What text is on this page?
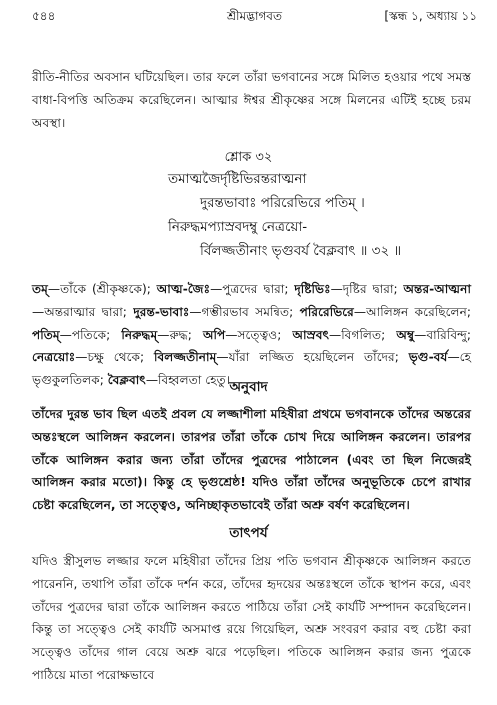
৫৪৪	শ্রীমদ্ভাগবত	[স্কন্ধ ১, অধ্যায় ১১

রীতি-নীতির অবসান ঘটিয়েছিল। তার ফলে তাঁরা ভগবানের সঙ্গে মিলিত হওয়ার পথে সমস্ত বাধা-বিপত্তি অতিক্রম করেছিলেন। আত্মার ঈশ্বর শ্রীকৃষ্ণের সঙ্গে মিলনের এটিই হচ্ছে চরম অবস্থা।

শ্লোক ৩২
তমাত্মজৈর্দৃষ্টিভিরন্তরাত্মনা
দুরন্তভাবাঃ পরিরেভিরে পতিম্ ।
নিরুদ্ধমপ্যাস্রবদম্বু নেত্রয়ো-
র্বিলজ্জতীনাং ভৃগুবর্য বৈক্লবাৎ ॥ ৩২ ॥

তম্—তাঁকে (শ্রীকৃষ্ণকে); আত্ম-জৈঃ—পুত্রদের দ্বারা; দৃষ্টিভিঃ—দৃষ্টির দ্বারা; অন্তর-আত্মনা—অন্তরাত্মার দ্বারা; দুরন্ত-ভাবাঃ—গম্ভীরভাব সমন্বিত; পরিরেভিরে—আলিঙ্গন করেছিলেন; পতিম্—পতিকে; নিরুদ্ধম্—রুদ্ধ; অপি—সত্ত্বেও; আস্রবৎ—বিগলিত; অম্বু—বারিবিন্দু; নেত্রয়োঃ—চক্ষু থেকে; বিলজ্জতীনাম্—যাঁরা লজ্জিত হয়েছিলেন তাঁদের; ভৃগু-বর্য—হে ভৃগুকুলতিলক; বৈক্লবাৎ—বিহ্বলতা হেতু। অনুবাদ

তাঁদের দুরন্ত ভাব ছিল এতই প্রবল যে লজ্জাশীলা মহিষীরা প্রথমে ভগবানকে তাঁদের অন্তরের অন্তঃস্থলে আলিঙ্গন করলেন। তারপর তাঁরা তাঁকে চোখ দিয়ে আলিঙ্গন করলেন। তারপর তাঁকে আলিঙ্গন করার জন্য তাঁরা তাঁদের পুত্রদের পাঠালেন (এবং তা ছিল নিজেরই আলিঙ্গন করার মতো)। কিন্তু হে ভৃগুশ্রেষ্ঠ! যদিও তাঁরা তাঁদের অনুভূতিকে চেপে রাখার চেষ্টা করেছিলেন, তা সত্ত্বেও, অনিচ্ছাকৃতভাবেই তাঁরা অশ্রু বর্ষণ করেছিলেন।

তাৎপর্য

যদিও স্ত্রীসুলভ লজ্জার ফলে মহিষীরা তাঁদের প্রিয় পতি ভগবান শ্রীকৃষ্ণকে আলিঙ্গন করতে পারেননি, তথাপি তাঁরা তাঁকে দর্শন করে, তাঁদের হৃদয়ের অন্তঃস্থলে তাঁকে স্থাপন করে, এবং তাঁদের পুত্রদের দ্বারা তাঁকে আলিঙ্গন করতে পাঠিয়ে তাঁরা সেই কার্যটি সম্পাদন করেছিলেন। কিন্তু তা সত্ত্বেও সেই কার্যটি অসমাপ্ত রয়ে গিয়েছিল, অশ্রু সংবরণ করার বহু চেষ্টা করা সত্ত্বেও তাঁদের গাল বেয়ে অশ্রু ঝরে পড়েছিল। পতিকে আলিঙ্গন করার জন্য পুত্রকে পাঠিয়ে মাতা পরোক্ষভাবে
